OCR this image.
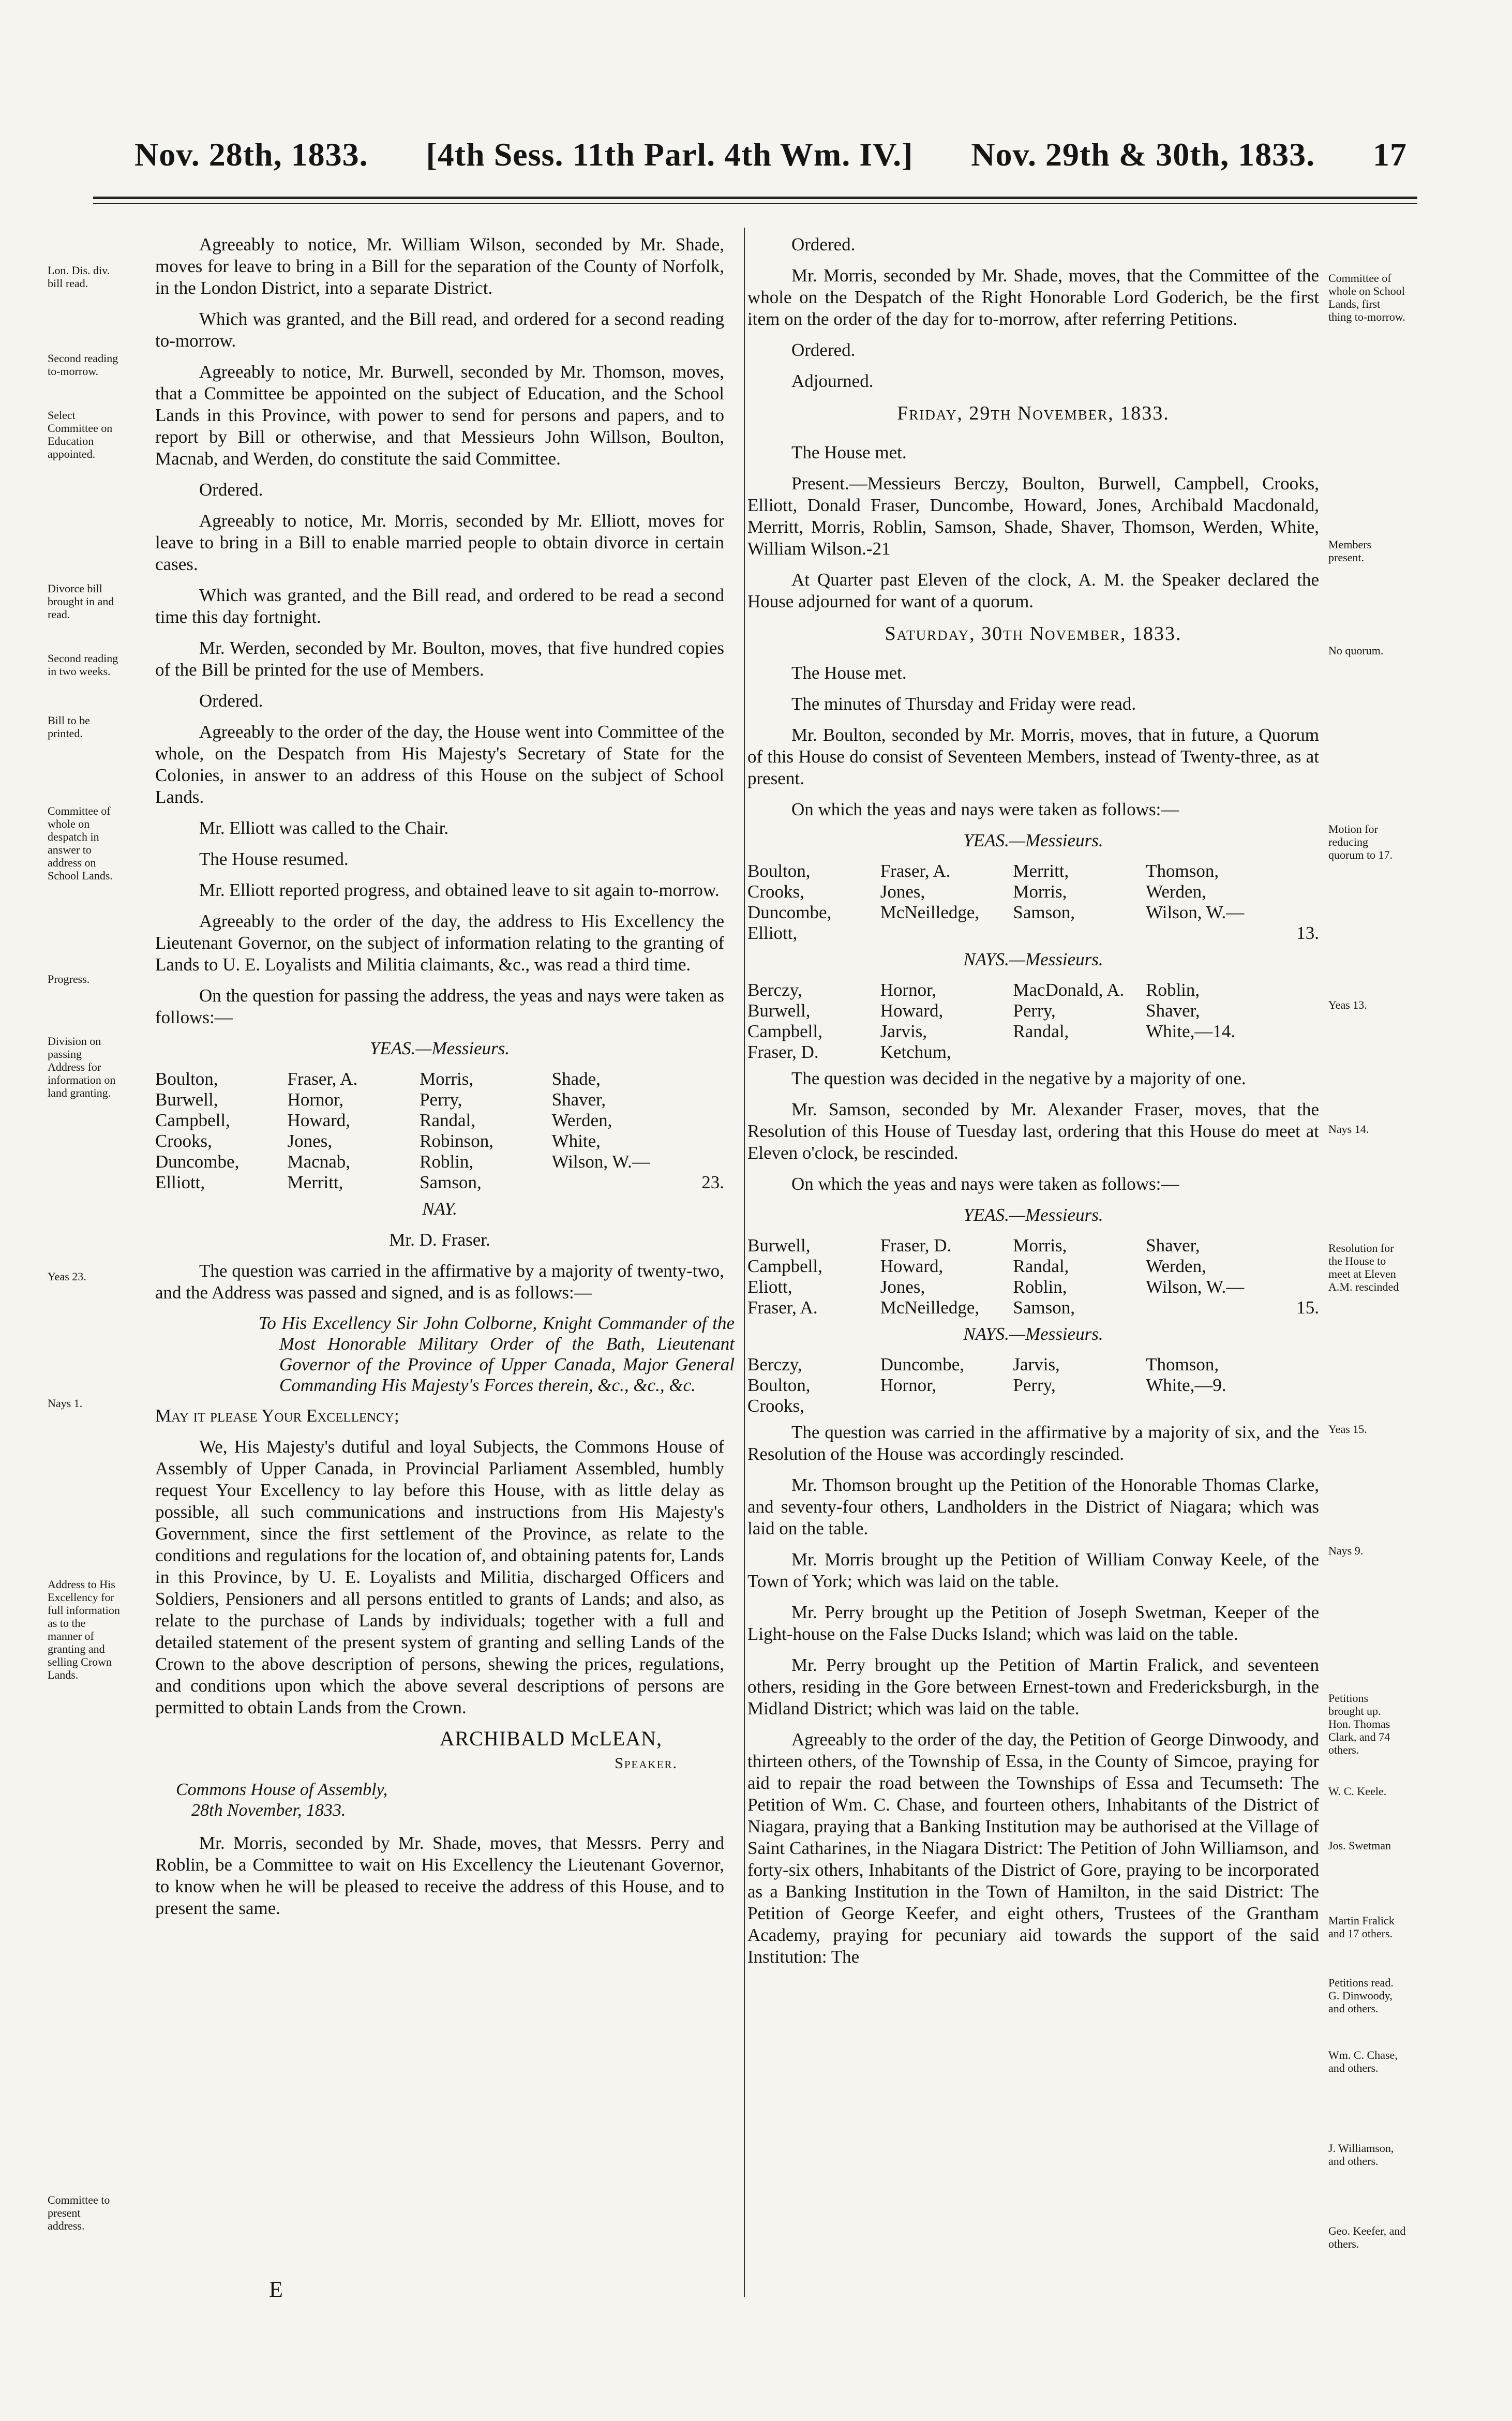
Nov. 28th, 1833. [4th Sess. 11th Parl. 4th Wm. IV.] Nov. 29th & 30th, 1833. 17

Agreeably to notice, Mr. William Wilson, seconded by Mr. Shade, moves for leave to bring in a Bill for the separation of the County of Norfolk, in the London District, into a separate District.

Which was granted, and the Bill read, and ordered for a second reading to-morrow.

Agreeably to notice, Mr. Burwell, seconded by Mr. Thomson, moves, that a Committee be appointed on the subject of Education, and the School Lands in this Province, with power to send for persons and papers, and to report by Bill or otherwise, and that Messieurs John Willson, Boulton, Macnab, and Werden, do constitute the said Committee.

Ordered.

Agreeably to notice, Mr. Morris, seconded by Mr. Elliott, moves for leave to bring in a Bill to enable married people to obtain divorce in certain cases.

Which was granted, and the Bill read, and ordered to be read a second time this day fortnight.

Mr. Werden, seconded by Mr. Boulton, moves, that five hundred copies of the Bill be printed for the use of Members.

Ordered.

Agreeably to the order of the day, the House went into Committee of the whole, on the Despatch from His Majesty's Secretary of State for the Colonies, in answer to an address of this House on the subject of School Lands.

Mr. Elliott was called to the Chair.

The House resumed.

Mr. Elliott reported progress, and obtained leave to sit again to-morrow.

Agreeably to the order of the day, the address to His Excellency the Lieutenant Governor, on the subject of information relating to the granting of Lands to U. E. Loyalists and Militia claimants, &c., was read a third time.

On the question for passing the address, the yeas and nays were taken as follows:—

YEAS.—Messieurs.

Boulton,	Fraser, A.	Morris,	Shade,
Burwell,	Hornor,	Perry,	Shaver,
Campbell,	Howard,	Randal,	Werden,
Crooks,	Jones,	Robinson,	White,
Duncombe,	Macnab,	Roblin,	Wilson, W.—
Elliott,	Merritt,	Samson,	23.

NAY.

Mr. D. Fraser.

The question was carried in the affirmative by a majority of twenty-two, and the Address was passed and signed, and is as follows:—

To His Excellency Sir John Colborne, Knight Commander of the Most Honorable Military Order of the Bath, Lieutenant Governor of the Province of Upper Canada, Major General Commanding His Majesty's Forces therein, &c., &c., &c.

May it please Your Excellency;

We, His Majesty's dutiful and loyal Subjects, the Commons House of Assembly of Upper Canada, in Provincial Parliament Assembled, humbly request Your Excellency to lay before this House, with as little delay as possible, all such communications and instructions from His Majesty's Government, since the first settlement of the Province, as relate to the conditions and regulations for the location of, and obtaining patents for, Lands in this Province, by U. E. Loyalists and Militia, discharged Officers and Soldiers, Pensioners and all persons entitled to grants of Lands; and also, as relate to the purchase of Lands by individuals; together with a full and detailed statement of the present system of granting and selling Lands of the Crown to the above description of persons, shewing the prices, regulations, and conditions upon which the above several descriptions of persons are permitted to obtain Lands from the Crown.

ARCHIBALD McLEAN,

Speaker.

Commons House of Assembly,
28th November, 1833.

Mr. Morris, seconded by Mr. Shade, moves, that Messrs. Perry and Roblin, be a Committee to wait on His Excellency the Lieutenant Governor, to know when he will be pleased to receive the address of this House, and to present the same.

E

Ordered.

Mr. Morris, seconded by Mr. Shade, moves, that the Committee of the whole on the Despatch of the Right Honorable Lord Goderich, be the first item on the order of the day for to-morrow, after referring Petitions.

Ordered.

Adjourned.

Friday, 29th November, 1833.

The House met.

Present.—Messieurs Berczy, Boulton, Burwell, Campbell, Crooks, Elliott, Donald Fraser, Duncombe, Howard, Jones, Archibald Macdonald, Merritt, Morris, Roblin, Samson, Shade, Shaver, Thomson, Werden, White, William Wilson.-21

At Quarter past Eleven of the clock, A. M. the Speaker declared the House adjourned for want of a quorum.

Saturday, 30th November, 1833.

The House met.

The minutes of Thursday and Friday were read.

Mr. Boulton, seconded by Mr. Morris, moves, that in future, a Quorum of this House do consist of Seventeen Members, instead of Twenty-three, as at present.

On which the yeas and nays were taken as follows:—

YEAS.—Messieurs.

Boulton,	Fraser, A.	Merritt,	Thomson,
Crooks,	Jones,	Morris,	Werden,
Duncombe,	McNeilledge,	Samson,	Wilson, W.—
Elliott,			13.

NAYS.—Messieurs.

Berczy,	Hornor,	MacDonald, A.	Roblin,
Burwell,	Howard,	Perry,	Shaver,
Campbell,	Jarvis,	Randal,	White,—14.
Fraser, D.	Ketchum,		

The question was decided in the negative by a majority of one.

Mr. Samson, seconded by Mr. Alexander Fraser, moves, that the Resolution of this House of Tuesday last, ordering that this House do meet at Eleven o'clock, be rescinded.

On which the yeas and nays were taken as follows:—

YEAS.—Messieurs.

Burwell,	Fraser, D.	Morris,	Shaver,
Campbell,	Howard,	Randal,	Werden,
Eliott,	Jones,	Roblin,	Wilson, W.—
Fraser, A.	McNeilledge,	Samson,	15.

NAYS.—Messieurs.

Berczy,	Duncombe,	Jarvis,	Thomson,
Boulton,	Hornor,	Perry,	White,—9.
Crooks,			

The question was carried in the affirmative by a majority of six, and the Resolution of the House was accordingly rescinded.

Mr. Thomson brought up the Petition of the Honorable Thomas Clarke, and seventy-four others, Landholders in the District of Niagara; which was laid on the table.

Mr. Morris brought up the Petition of William Conway Keele, of the Town of York; which was laid on the table.

Mr. Perry brought up the Petition of Joseph Swetman, Keeper of the Light-house on the False Ducks Island; which was laid on the table.

Mr. Perry brought up the Petition of Martin Fralick, and seventeen others, residing in the Gore between Ernest-town and Fredericksburgh, in the Midland District; which was laid on the table.

Agreeably to the order of the day, the Petition of George Dinwoody, and thirteen others, of the Township of Essa, in the County of Simcoe, praying for aid to repair the road between the Townships of Essa and Tecumseth: The Petition of Wm. C. Chase, and fourteen others, Inhabitants of the District of Niagara, praying that a Banking Institution may be authorised at the Village of Saint Catharines, in the Niagara District: The Petition of John Williamson, and forty-six others, Inhabitants of the District of Gore, praying to be incorporated as a Banking Institution in the Town of Hamilton, in the said District: The Petition of George Keefer, and eight others, Trustees of the Grantham Academy, praying for pecuniary aid towards the support of the said Institution: The

Lon. Dis. div. bill read.
Second reading to-morrow.
Select Committee on Education appointed.
Divorce bill brought in and read.
Second reading in two weeks.
Bill to be printed.
Committee of whole on despatch in answer to address on School Lands.
Progress.
Division on passing Address for information on land granting.
Yeas 23.
Nays 1.
Address to His Excellency for full information as to the manner of granting and selling Crown Lands.
Committee to present address.
Committee of whole on School Lands, first thing to-morrow.
Members present.
No quorum.
Motion for reducing quorum to 17.
Yeas 13.
Nays 14.
Resolution for the House to meet at Eleven A.M. rescinded
Yeas 15.
Nays 9.
Petitions brought up. Hon. Thomas Clark, and 74 others.
W. C. Keele.
Jos. Swetman
Martin Fralick and 17 others.
Petitions read. G. Dinwoody, and others.
Wm. C. Chase, and others.
J. Williamson, and others.
Geo. Keefer, and others.
